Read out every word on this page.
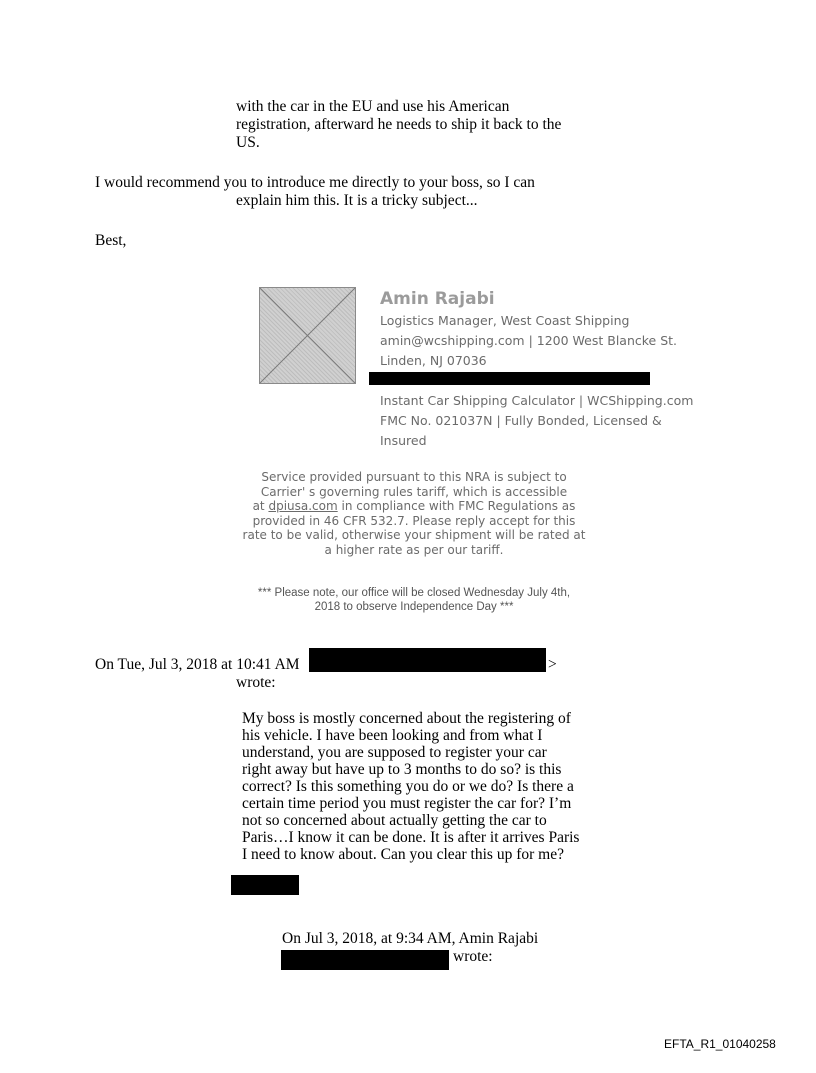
with the car in the EU and use his American
registration, afterward he needs to ship it back to the
US.
I would recommend you to introduce me directly to your boss, so I can
explain him this. It is a tricky subject...
Best,
Amin Rajabi
Logistics Manager, West Coast Shipping
amin@wcshipping.com | 1200 West Blancke St.
Linden, NJ 07036
Instant Car Shipping Calculator | WCShipping.com
FMC No. 021037N | Fully Bonded, Licensed &
Insured
Service provided pursuant to this NRA is subject to
Carrier' s governing rules tariff, which is accessible
at dpiusa.com in compliance with FMC Regulations as
provided in 46 CFR 532.7. Please reply accept for this
rate to be valid, otherwise your shipment will be rated at
a higher rate as per our tariff.
*** Please note, our office will be closed Wednesday July 4th,
2018 to observe Independence Day ***
On Tue, Jul 3, 2018 at 10:41 AM	>
wrote:
My boss is mostly concerned about the registering of
his vehicle. I have been looking and from what I
understand, you are supposed to register your car
right away but have up to 3 months to do so? is this
correct? Is this something you do or we do? Is there a
certain time period you must register the car for? I’m
not so concerned about actually getting the car to
Paris…I know it can be done. It is after it arrives Paris
I need to know about. Can you clear this up for me?
On Jul 3, 2018, at 9:34 AM, Amin Rajabi
wrote:
EFTA_R1_01040258
